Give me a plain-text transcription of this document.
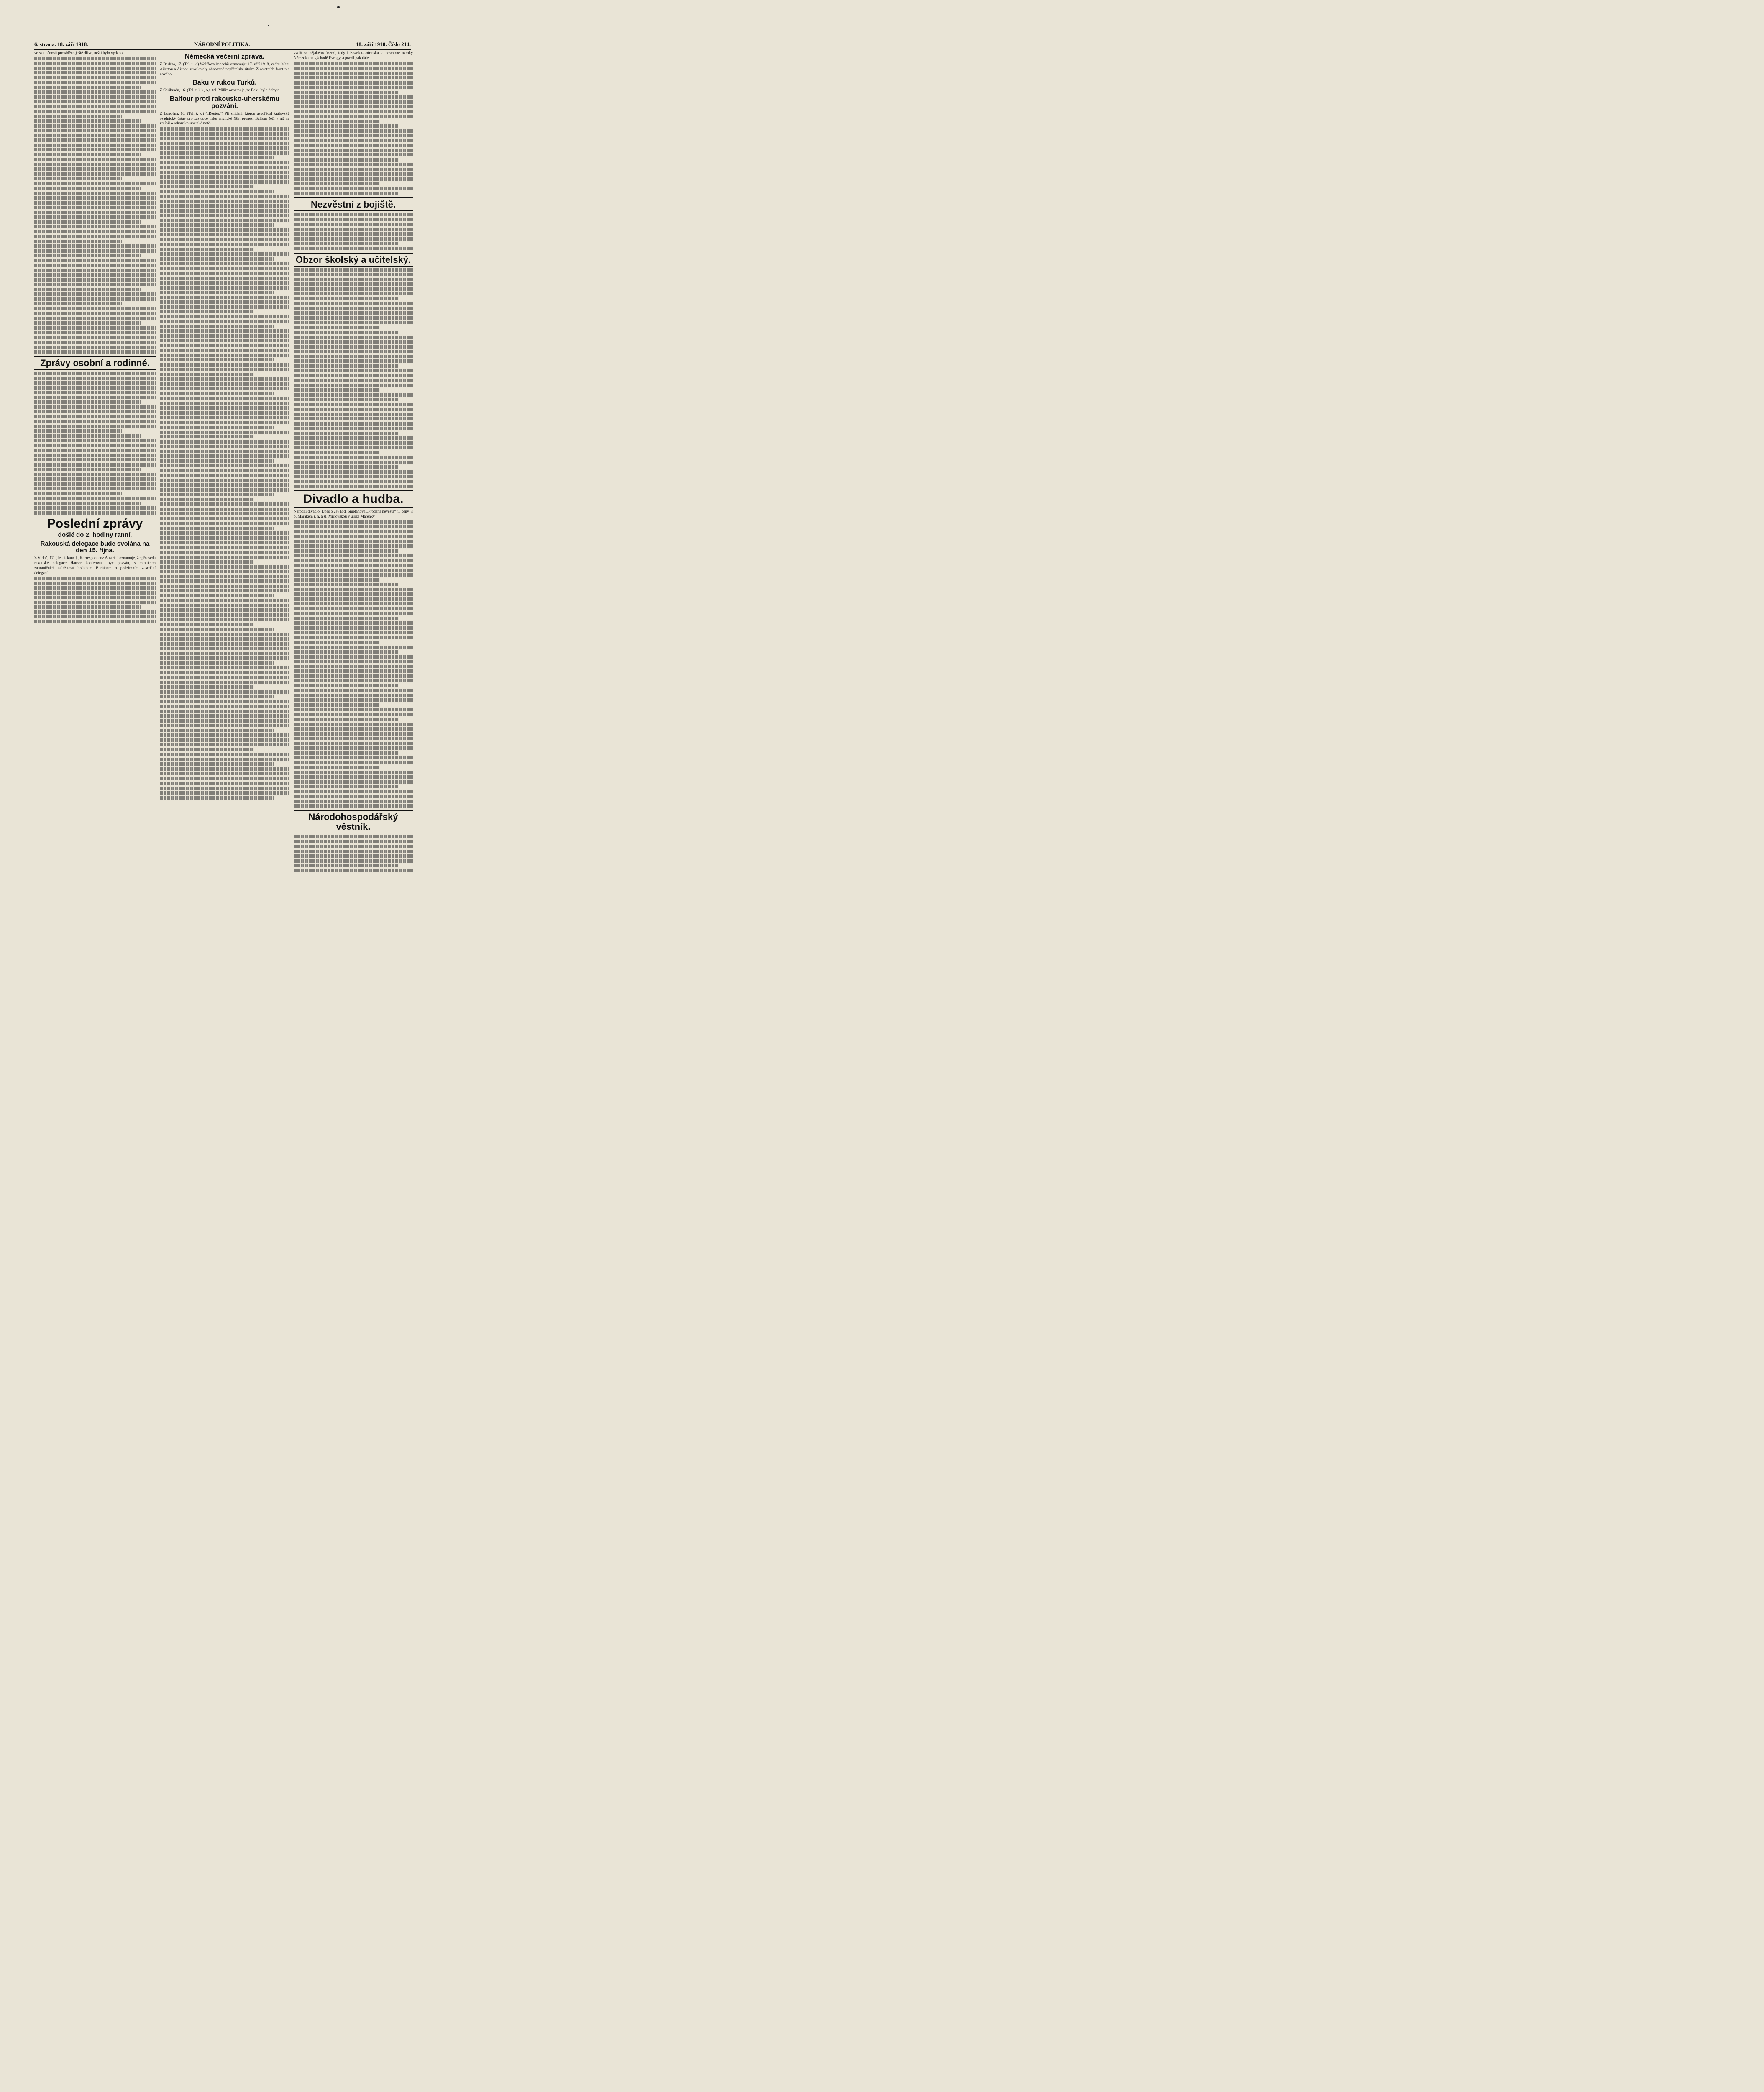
6. strana. 18. září 1918.	NÁRODNÍ POLITIKA.	18. září 1918. Číslo 214.

ve skutečnosti prováděno ještě dříve, nežli bylo vydáno.

Zprávy osobní a rodinné.
Poslední zprávy
došlé do 2. hodiny ranní.
Rakouská delegace bude svolána na den 15. října.

Z Vídně, 17. (Tel. t. kanc.) „Korrespondenz Austria“ oznamuje, že předseda rakouské delegace Hauser konferoval, byv pozván, s ministrem zahraničních záležitostí hrabětem Buriánem o podzimním zasedání delegací.

Německá večerní zpráva.

Z Berlína, 17. (Tel. t. k.) Wolffova kancelář oznamuje: 17. září 1918, večer. Mezi Ailettou a Aisnou ztroskotaly obnovené nepřátelské útoky. Z ostatních front nic nového.

Baku v rukou Turků.

Z Cařihradu, 16. (Tel. t. k.) „Ag. tel. Milli“ oznamuje, že Baku bylo dobyto.

Balfour proti rakousko-uherskému pozvání.

Z Londýna, 16. (Tel. t. k.) („Reuter.“) Při snídani, kterou uspořádal královský osadnický ústav pro zástupce tisku anglické říše, pronesl Balfour řeč, v níž se zmínil o rakousko-uherské notě.

vzdát se nějakého území, tedy i Elsaska-Lotrinska, a nesmírné nároky Německa na východě Evropy, a pravil pak dále:

Nezvěstní z bojiště.
Obzor školský a učitelský.
Divadlo a hudba.

Národní divadlo. Dnes o 2½ hod. Smetanova „Prodaná nevěsta“ (I. ceny) s p. Mařákem j. h. a sl. Miřiovskou v úloze Mařenky

Národohospodářský věstník.
